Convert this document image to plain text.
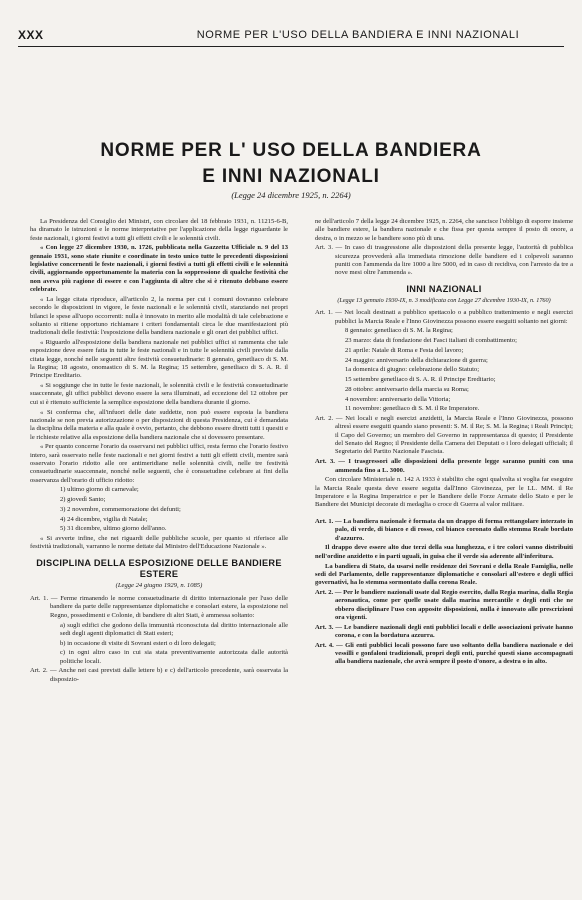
XXX	NORME PER L'USO DELLA BANDIERA E INNI NAZIONALI
NORME PER L' USO DELLA BANDIERA
E INNI NAZIONALI
(Legge 24 dicembre 1925, n. 2264)

La Presidenza del Consiglio dei Ministri, con circolare del 18 febbraio 1931, n. 11215-6-B, ha diramato le istruzioni e le norme interpretative per l'applicazione della legge riguardante le feste nazionali, i giorni festivi a tutti gli effetti civili e le solennità civili.

« Con legge 27 dicembre 1930, n. 1726, pubblicata nella Gazzetta Ufficiale n. 9 del 13 gennaio 1931, sono state riunite e coordinate in testo unico tutte le precedenti disposizioni legislative concernenti le feste nazionali, i giorni festivi a tutti gli effetti civili e le solennità civili, aggiornando opportunamente la materia con la soppressione di qualche festività che non aveva più ragione di essere e con l'aggiunta di altre che si è ritenuto debbano essere celebrate.

« La legge citata riproduce, all'articolo 2, la norma per cui i comuni dovranno celebrare secondo le disposizioni in vigore, le feste nazionali e le solennità civili, stanziando nei propri bilanci le spese all'uopo occorrenti: nulla è innovato in merito alle modalità di tale celebrazione e soltanto si ritiene opportuno richiamare i criteri fondamentali circa le due manifestazioni più tradizionali delle festività: l'esposizione della bandiera nazionale e gli orari dei pubblici uffici.

« Riguardo all'esposizione della bandiera nazionale nei pubblici uffici si rammenta che tale esposizione deve essere fatta in tutte le feste nazionali e in tutte le solennità civili previste dalla citata legge, nonché nelle seguenti altre festività consuetudinarie: 8 gennaio, genetliaco di S. M. la Regina; 18 agosto, onomastico di S. M. la Regina; 15 settembre, genetliaco di S. A. R. il Principe Ereditario.

« Si soggiunge che in tutte le feste nazionali, le solennità civili e le festività consuetudinarie suaccennate, gli uffici pubblici devono essere la sera illuminati, ad eccezione del 12 ottobre per cui si è ritenuto sufficiente la semplice esposizione della bandiera durante il giorno.

« Si conferma che, all'infuori delle date suddette, non può essere esposta la bandiera nazionale se non previa autorizzazione o per disposizioni di questa Presidenza, cui è demandata la disciplina della materia e alla quale è ovvio, pertanto, che debbono essere diretti tutti i quesiti e le richieste relative alla esposizione della bandiera nazionale che si dovessero presentare.

« Per quanto concerne l'orario da osservarsi nei pubblici uffici, resta fermo che l'orario festivo intero, sarà osservato nelle feste nazionali e nei giorni festivi a tutti gli effetti civili, mentre sarà osservato l'orario ridotto alle ore antimeridiane nelle solennità civili, nelle tre festività consuetudinarie suaccennate, nonché nelle seguenti, che è consuetudine celebrare ai fini della osservanza dell'orario di ufficio ridotto:

1) ultimo giorno di carnevale;

2) giovedì Santo;

3) 2 novembre, commemorazione dei defunti;

4) 24 dicembre, vigilia di Natale;

5) 31 dicembre, ultimo giorno dell'anno.

« Si avverte infine, che nei riguardi delle pubbliche scuole, per quanto si riferisce alle festività tradizionali, varranno le norme dettate dal Ministro dell'Educazione Nazionale ».

DISCIPLINA DELLA ESPOSIZIONE DELLE BANDIERE ESTERE
(Legge 24 giugno 1929, n. 1085)

Art. 1. — Ferme rimanendo le norme consuetudinarie di diritto internazionale per l'uso delle bandiere da parte delle rappresentanze diplomatiche e consolari estere, la esposizione nel Regno, possedimenti e Colonie, di bandiere di altri Stati, è ammessa soltanto:

a) sugli edifici che godono della immunità riconosciuta dal diritto internazionale alle sedi degli agenti diplomatici di Stati esteri;

b) in occasione di visite di Sovrani esteri o di loro delegati;

c) in ogni altro caso in cui sia stata preventivamente autorizzata dalle autorità politiche locali.

Art. 2. — Anche nei casi previsti dalle lettere b) e c) dell'articolo precedente, sarà osservata la disposizio-

ne dell'articolo 7 della legge 24 dicembre 1925, n. 2264, che sancisce l'obbligo di esporre insieme alle bandiere estere, la bandiera nazionale e che fissa per questa sempre il posto di onore, a destra, o in mezzo se le bandiere sono più di una.

Art. 3. — In caso di trasgressione alle disposizioni della presente legge, l'autorità di pubblica sicurezza provvederà alla immediata rimozione delle bandiere ed i colpevoli saranno puniti con l'ammenda da lire 1000 a lire 5000, ed in caso di recidiva, con l'arresto da tre a nove mesi oltre l'ammenda ».

INNI NAZIONALI
(Legge 13 gennaio 1930-IX, n. 3 modificata con Legge 27 dicembre 1930-IX, n. 1760)

Art. 1. — Nei locali destinati a pubblico spettacolo o a pubblico trattenimento e negli esercizi pubblici la Marcia Reale e l'Inno Giovinezza possono essere eseguiti soltanto nei giorni:

8 gennaio: genetliaco di S. M. la Regina;

23 marzo: data di fondazione dei Fasci italiani di combattimento;

21 aprile: Natale di Roma e Festa del lavoro;

24 maggio: anniversario della dichiarazione di guerra;

1a domenica di giugno: celebrazione dello Statuto;

15 settembre genetliaco di S. A. R. il Principe Ereditario;

28 ottobre: anniversario della marcia su Roma;

4 novembre: anniversario della Vittoria;

11 novembre: genetliaco di S. M. il Re Imperatore.

Art. 2. — Nei locali e negli esercizi anzidetti, la Marcia Reale e l'Inno Giovinezza, possono altresì essere eseguiti quando siano presenti: S. M. il Re; S. M. la Regina; i Reali Principi; il Capo del Governo; un membro del Governo in rappresentanza di questo; il Presidente del Senato del Regno; il Presidente della Camera dei Deputati o i loro delegati ufficiali; il Segretario del Partito Nazionale Fascista.

Art. 3. — I trasgressori alle disposizioni della presente legge saranno puniti con una ammenda fino a L. 3000.

Con circolare Ministeriale n. 142 A 1933 è stabilito che ogni qualvolta si voglia far eseguire la Marcia Reale questa deve essere seguita dall'Inno Giovinezza, per le LL. MM. il Re Imperatore e la Regina Imperatrice e per le Bandiere delle Forze Armate dello Stato e per le Bandiere dei Municipi decorate di medaglia o croce di Guerra al valor militare.

Art. 1. — La bandiera nazionale è formata da un drappo di forma rettangolare interzato in palo, di verde, di bianco e di rosso, col bianco coronato dallo stemma Reale bordato d'azzurro.

Il drappo deve essere alto due terzi della sua lunghezza, e i tre colori vanno distribuiti nell'ordine anzidetto e in parti uguali, in guisa che il verde sia aderente all'inferitura.

La bandiera di Stato, da usarsi nelle residenze dei Sovrani e della Reale Famiglia, nelle sedi del Parlamento, delle rappresentanze diplomatiche e consolari all'estero e degli uffici governativi, ha lo stemma sormontato dalla corona Reale.

Art. 2. — Per le bandiere nazionali usate dal Regio esercito, dalla Regia marina, dalla Regia aeronautica, come per quelle usate dalla marina mercantile e degli enti che ne ebbero disciplinare l'uso con apposite disposizioni, nulla è innovato alle prescrizioni ora vigenti.

Art. 3. — Le bandiere nazionali degli enti pubblici locali e delle associazioni private hanno corona, e con la bordatura azzurra.

Art. 4. — Gli enti pubblici locali possono fare uso soltanto della bandiera nazionale e dei vessilli e gonfaloni tradizionali, propri degli enti, purché questi siano accompagnati alla bandiera nazionale, che avrà sempre il posto d'onore, a destra o in alto.
